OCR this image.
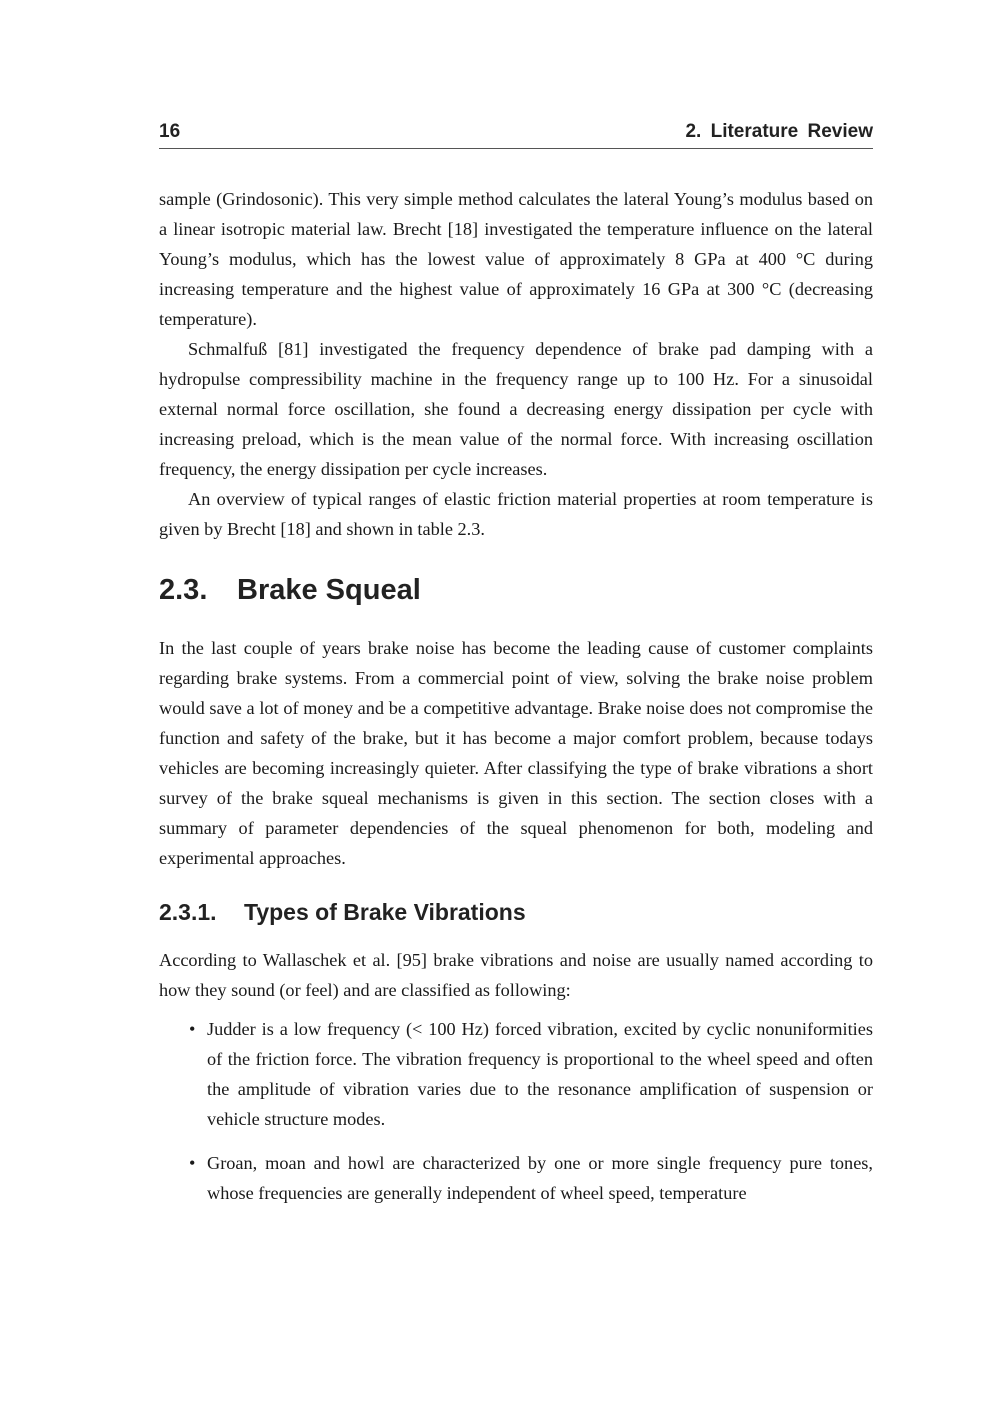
16	2. Literature Review

sample (Grindosonic). This very simple method calculates the lateral Young’s modulus based on a linear isotropic material law. Brecht [18] investigated the temperature influence on the lateral Young’s modulus, which has the lowest value of approximately 8 GPa at 400 °C during increasing temperature and the highest value of approximately 16 GPa at 300 °C (decreasing temperature).

Schmalfuß [81] investigated the frequency dependence of brake pad damping with a hydropulse compressibility machine in the frequency range up to 100 Hz. For a sinusoidal external normal force oscillation, she found a decreasing energy dissipation per cycle with increasing preload, which is the mean value of the normal force. With increasing oscillation frequency, the energy dissipation per cycle increases.

An overview of typical ranges of elastic friction material properties at room temperature is given by Brecht [18] and shown in table 2.3.

2.3. Brake Squeal

In the last couple of years brake noise has become the leading cause of customer complaints regarding brake systems. From a commercial point of view, solving the brake noise problem would save a lot of money and be a competitive advantage. Brake noise does not compromise the function and safety of the brake, but it has become a major comfort problem, because todays vehicles are becoming increasingly quieter. After classifying the type of brake vibrations a short survey of the brake squeal mechanisms is given in this section. The section closes with a summary of parameter dependencies of the squeal phenomenon for both, modeling and experimental approaches.

2.3.1. Types of Brake Vibrations

According to Wallaschek et al. [95] brake vibrations and noise are usually named according to how they sound (or feel) and are classified as following:

• Judder is a low frequency (< 100 Hz) forced vibration, excited by cyclic nonuniformities of the friction force. The vibration frequency is proportional to the wheel speed and often the amplitude of vibration varies due to the resonance amplification of suspension or vehicle structure modes.

• Groan, moan and howl are characterized by one or more single frequency pure tones, whose frequencies are generally independent of wheel speed, temperature
